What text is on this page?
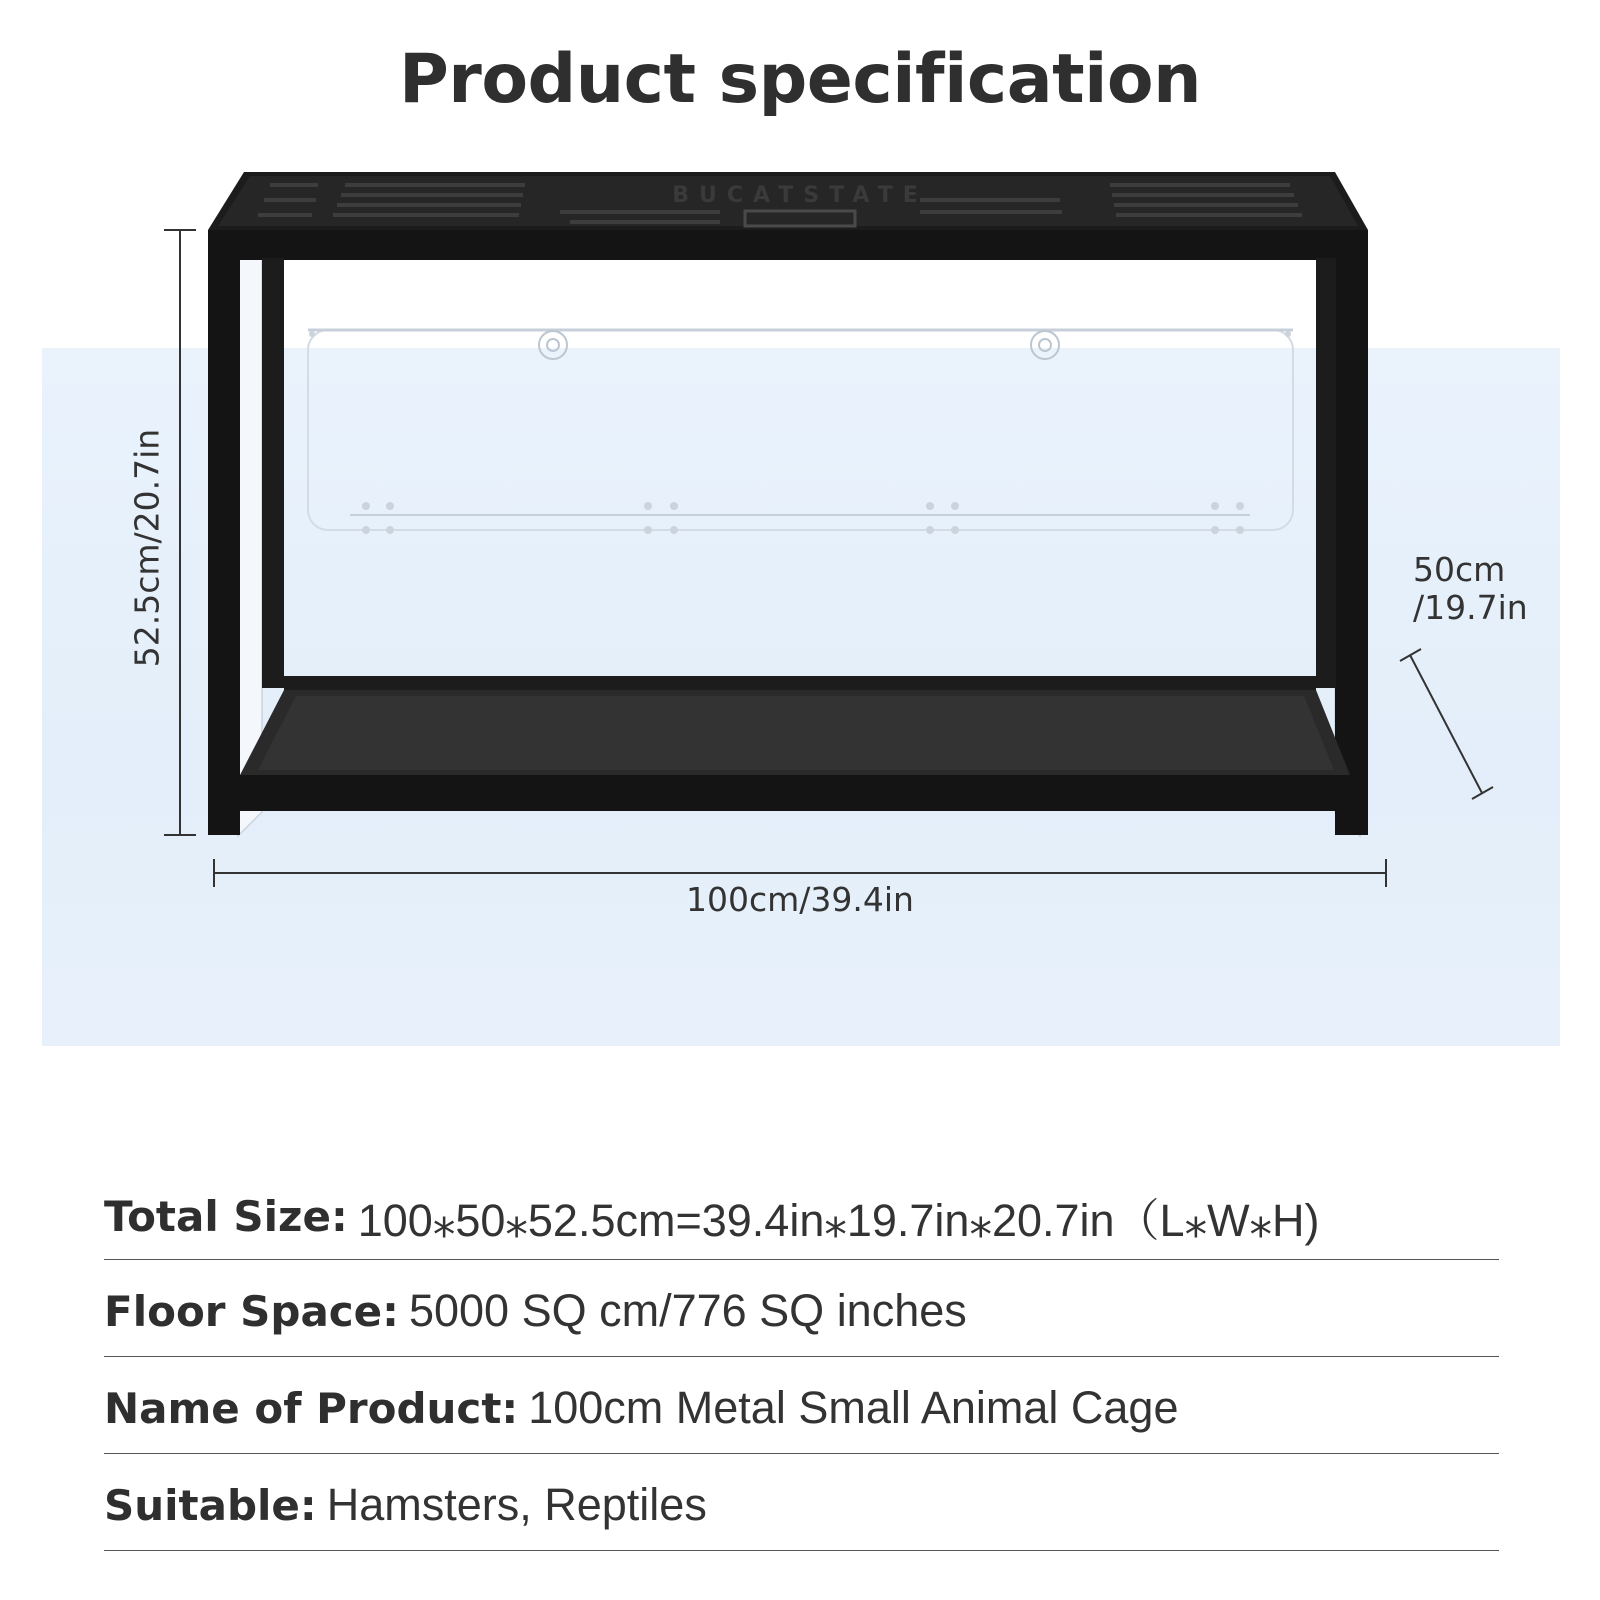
Product specification
BUCATSTATE
52.5cm/20.7in
100cm/39.4in
50cm
/19.7in
Total Size: 100⁎50⁎52.5cm=39.4in⁎19.7in⁎20.7in（L⁎W⁎H)
Floor Space: 5000 SQ cm/776 SQ inches
Name of Product: 100cm Metal Small Animal Cage
Suitable: Hamsters, Reptiles
